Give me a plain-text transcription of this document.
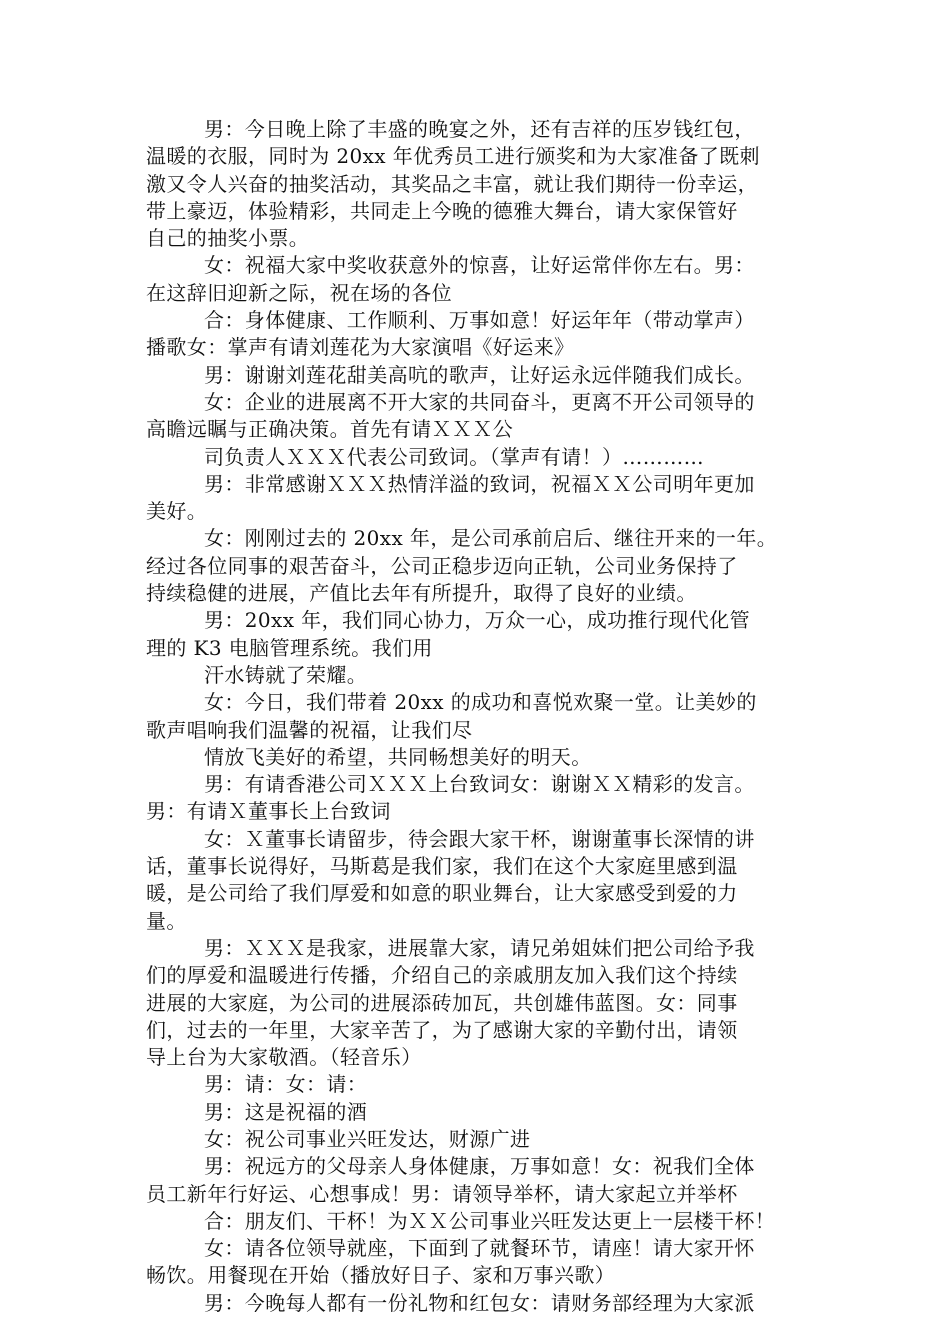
男：今日晚上除了丰盛的晚宴之外，还有吉祥的压岁钱红包，
温暖的衣服，同时为 20xx 年优秀员工进行颁奖和为大家准备了既刺
激又令人兴奋的抽奖活动，其奖品之丰富，就让我们期待一份幸运，
带上豪迈，体验精彩，共同走上今晚的德雅大舞台，请大家保管好
自己的抽奖小票。
女：祝福大家中奖收获意外的惊喜，让好运常伴你左右。男：
在这辞旧迎新之际，祝在场的各位
合：身体健康、工作顺利、万事如意！好运年年（带动掌声）
播歌女：掌声有请刘莲花为大家演唱《好运来》
男：谢谢刘莲花甜美高吭的歌声，让好运永远伴随我们成长。
女：企业的进展离不开大家的共同奋斗，更离不开公司领导的
高瞻远瞩与正确决策。首先有请ＸＸＸ公
司负责人ＸＸＸ代表公司致词。（掌声有请！）…………
男：非常感谢ＸＸＸ热情洋溢的致词，祝福ＸＸ公司明年更加
美好。
女：刚刚过去的 20xx 年，是公司承前启后、继往开来的一年。
经过各位同事的艰苦奋斗，公司正稳步迈向正轨，公司业务保持了
持续稳健的进展，产值比去年有所提升，取得了良好的业绩。
男：20xx 年，我们同心协力，万众一心，成功推行现代化管
理的 K3 电脑管理系统。我们用
汗水铸就了荣耀。
女：今日，我们带着 20xx 的成功和喜悦欢聚一堂。让美妙的
歌声唱响我们温馨的祝福，让我们尽
情放飞美好的希望，共同畅想美好的明天。
男：有请香港公司ＸＸＸ上台致词女：谢谢ＸＸ精彩的发言。
男：有请Ｘ董事长上台致词
女：Ｘ董事长请留步，待会跟大家干杯，谢谢董事长深情的讲
话，董事长说得好，马斯葛是我们家，我们在这个大家庭里感到温
暖，是公司给了我们厚爱和如意的职业舞台，让大家感受到爱的力
量。
男：ＸＸＸ是我家，进展靠大家，请兄弟姐妹们把公司给予我
们的厚爱和温暖进行传播，介绍自己的亲戚朋友加入我们这个持续
进展的大家庭，为公司的进展添砖加瓦，共创雄伟蓝图。女：同事
们，过去的一年里，大家辛苦了，为了感谢大家的辛勤付出，请领
导上台为大家敬酒。（轻音乐）
男：请：女：请：
男：这是祝福的酒
女：祝公司事业兴旺发达，财源广进
男：祝远方的父母亲人身体健康，万事如意！女：祝我们全体
员工新年行好运、心想事成！男：请领导举杯，请大家起立并举杯
合：朋友们、干杯！为ＸＸ公司事业兴旺发达更上一层楼干杯！
女：请各位领导就座，下面到了就餐环节，请座！请大家开怀
畅饮。用餐现在开始（播放好日子、家和万事兴歌）
男：今晚每人都有一份礼物和红包女：请财务部经理为大家派
